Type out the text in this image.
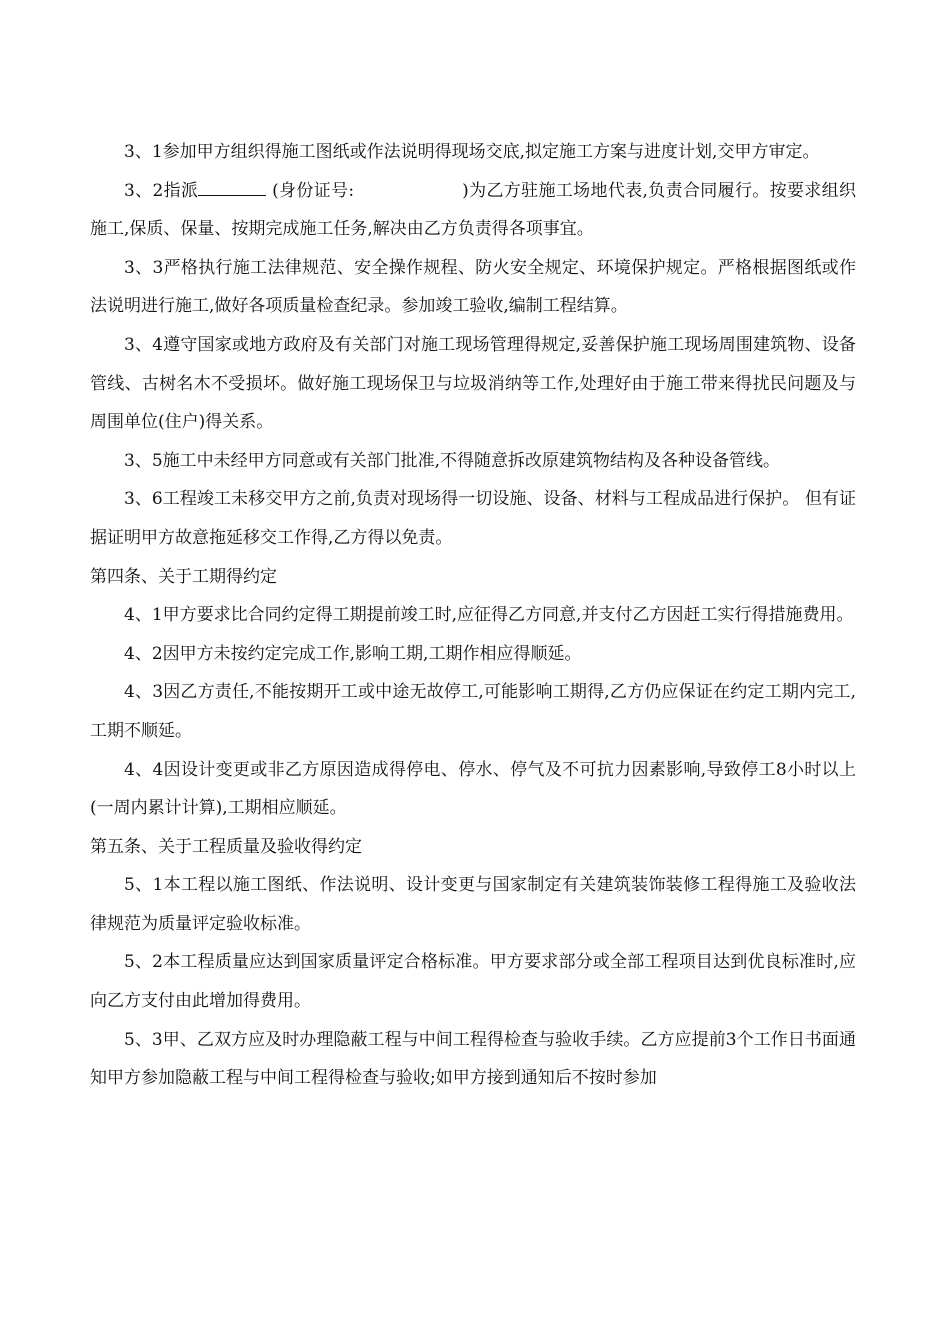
3、1参加甲方组织得施工图纸或作法说明得现场交底,拟定施工方案与进度计划,交甲方审定。

3、2指派	(身份证号:	)为乙方驻施工场地代表,负责合同履行。按要求组织施工,保质、保量、按期完成施工任务,解决由乙方负责得各项事宜。

3、3严格执行施工法律规范、安全操作规程、防火安全规定、环境保护规定。严格根据图纸或作法说明进行施工,做好各项质量检查纪录。参加竣工验收,编制工程结算。

3、4遵守国家或地方政府及有关部门对施工现场管理得规定,妥善保护施工现场周围建筑物、设备管线、古树名木不受损坏。做好施工现场保卫与垃圾消纳等工作,处理好由于施工带来得扰民问题及与周围单位(住户)得关系。

3、5施工中未经甲方同意或有关部门批准,不得随意拆改原建筑物结构及各种设备管线。

3、6工程竣工未移交甲方之前,负责对现场得一切设施、设备、材料与工程成品进行保护。 但有证据证明甲方故意拖延移交工作得,乙方得以免责。

第四条、关于工期得约定

4、1甲方要求比合同约定得工期提前竣工时,应征得乙方同意,并支付乙方因赶工实行得措施费用。

4、2因甲方未按约定完成工作,影响工期,工期作相应得顺延。

4、3因乙方责任,不能按期开工或中途无故停工,可能影响工期得,乙方仍应保证在约定工期内完工,工期不顺延。

4、4因设计变更或非乙方原因造成得停电、停水、停气及不可抗力因素影响,导致停工8小时以上(一周内累计计算),工期相应顺延。

第五条、关于工程质量及验收得约定

5、1本工程以施工图纸、作法说明、设计变更与国家制定有关建筑装饰装修工程得施工及验收法律规范为质量评定验收标准。

5、2本工程质量应达到国家质量评定合格标准。甲方要求部分或全部工程项目达到优良标准时,应向乙方支付由此增加得费用。

5、3甲、乙双方应及时办理隐蔽工程与中间工程得检查与验收手续。乙方应提前3个工作日书面通知甲方参加隐蔽工程与中间工程得检查与验收;如甲方接到通知后不按时参加
